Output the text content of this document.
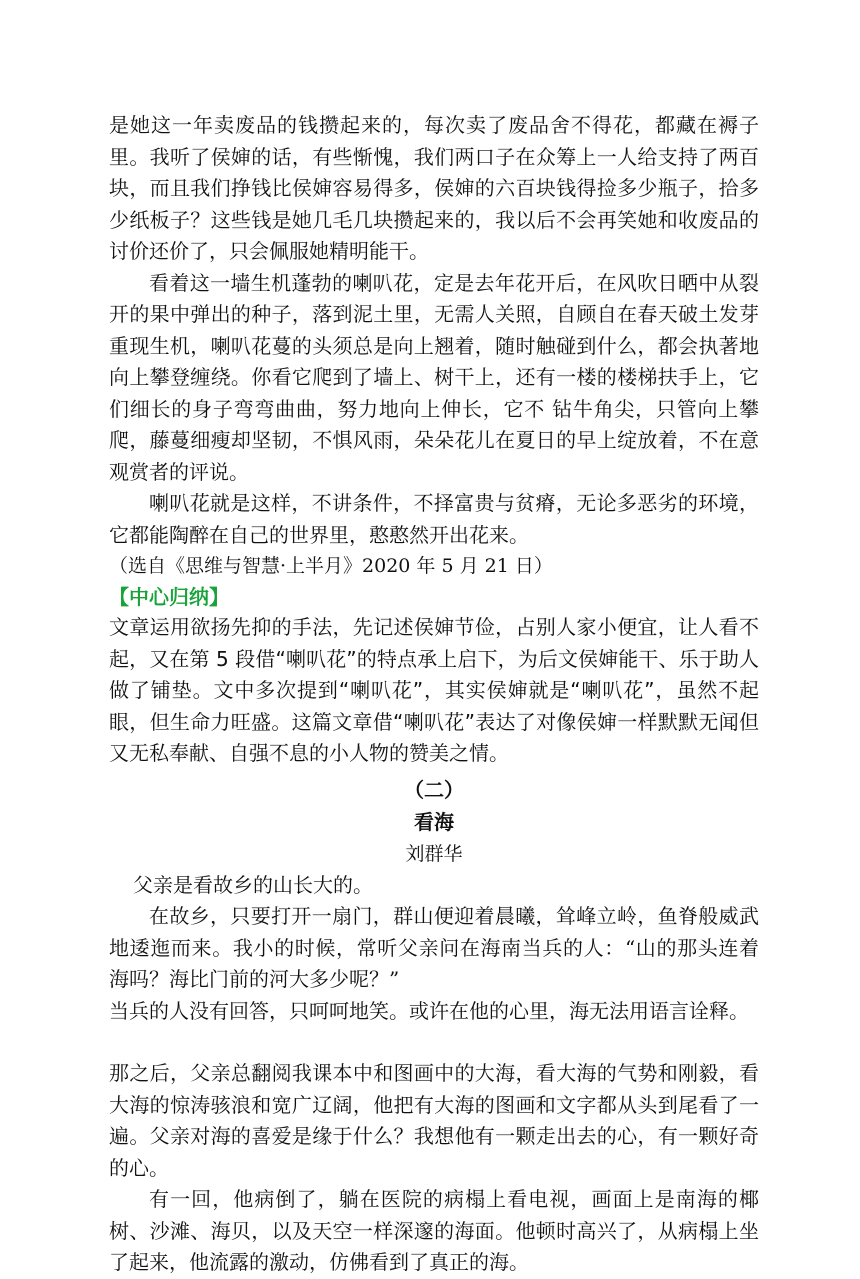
是她这一年卖废品的钱攒起来的，每次卖了废品舍不得花，都藏在褥子里。我听了侯婶的话，有些惭愧，我们两口子在众筹上一人给支持了两百块，而且我们挣钱比侯婶容易得多，侯婶的六百块钱得捡多少瓶子，拾多少纸板子？这些钱是她几毛几块攒起来的，我以后不会再笑她和收废品的讨价还价了，只会佩服她精明能干。

看着这一墙生机蓬勃的喇叭花，定是去年花开后，在风吹日晒中从裂开的果中弹出的种子，落到泥土里，无需人关照，自顾自在春天破土发芽重现生机，喇叭花蔓的头须总是向上翘着，随时触碰到什么，都会执著地向上攀登缠绕。你看它爬到了墙上、树干上，还有一楼的楼梯扶手上，它们细长的身子弯弯曲曲，努力地向上伸长，它不 钻牛角尖，只管向上攀爬，藤蔓细瘦却坚韧，不惧风雨，朵朵花儿在夏日的早上绽放着，不在意观赏者的评说。

喇叭花就是这样，不讲条件，不择富贵与贫瘠，无论多恶劣的环境，它都能陶醉在自己的世界里，憨憨然开出花来。

（选自《思维与智慧·上半月》2020 年 5 月 21 日）

【中心归纳】

文章运用欲扬先抑的手法，先记述侯婶节俭，占别人家小便宜，让人看不起，又在第 5 段借“喇叭花”的特点承上启下，为后文侯婶能干、乐于助人做了铺垫。文中多次提到“喇叭花”，其实侯婶就是“喇叭花”，虽然不起眼，但生命力旺盛。这篇文章借“喇叭花”表达了对像侯婶一样默默无闻但又无私奉献、自强不息的小人物的赞美之情。

（二）

看海

刘群华

父亲是看故乡的山长大的。

在故乡，只要打开一扇门，群山便迎着晨曦，耸峰立岭，鱼脊般威武地逶迤而来。我小的时候，常听父亲问在海南当兵的人：“山的那头连着海吗？海比门前的河大多少呢？”

当兵的人没有回答，只呵呵地笑。或许在他的心里，海无法用语言诠释。

那之后，父亲总翻阅我课本中和图画中的大海，看大海的气势和刚毅，看大海的惊涛骇浪和宽广辽阔，他把有大海的图画和文字都从头到尾看了一遍。父亲对海的喜爱是缘于什么？我想他有一颗走出去的心，有一颗好奇的心。

有一回，他病倒了，躺在医院的病榻上看电视，画面上是南海的椰树、沙滩、海贝，以及天空一样深邃的海面。他顿时高兴了，从病榻上坐了起来，他流露的激动，仿佛看到了真正的海。
